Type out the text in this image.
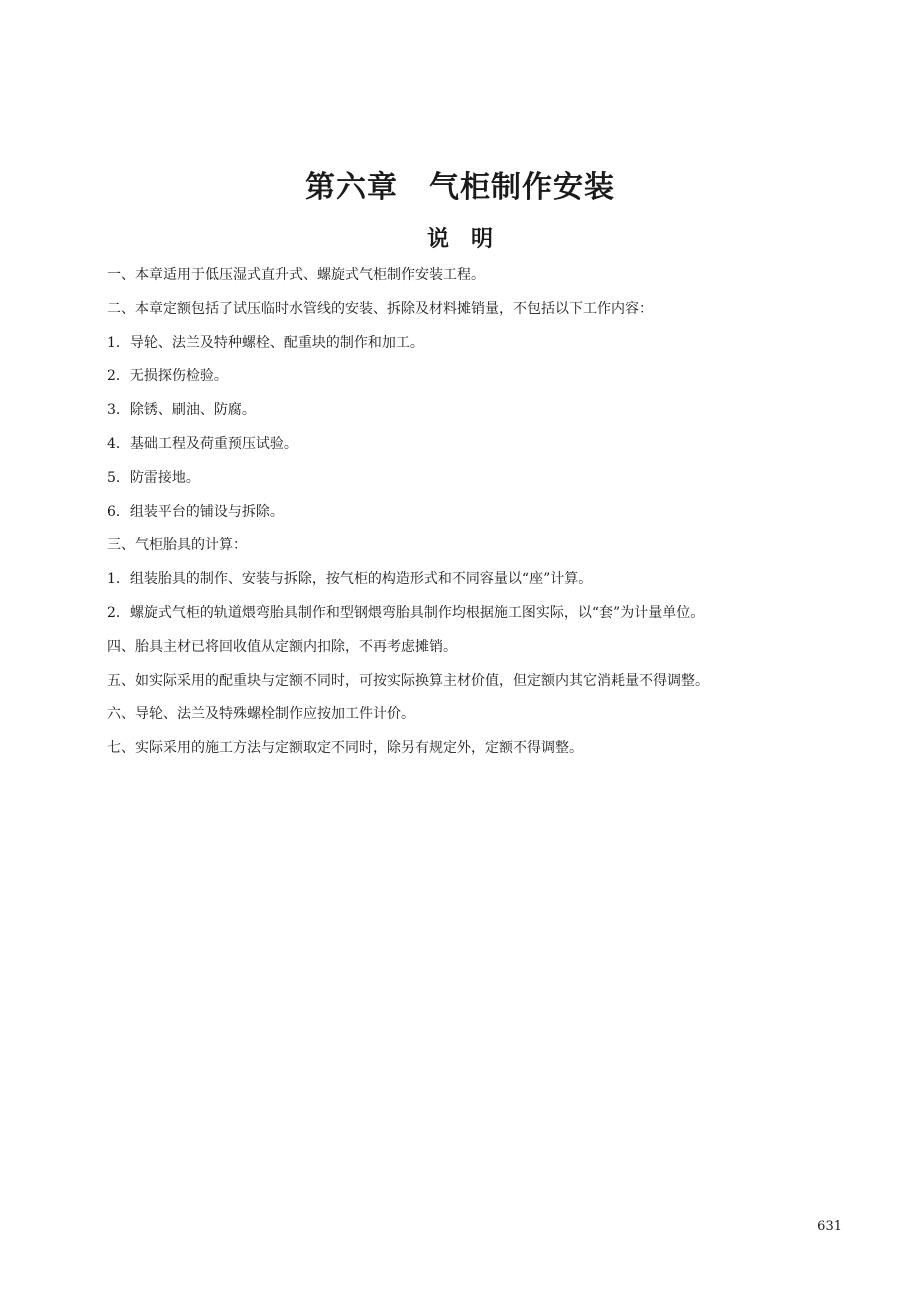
第六章　气柜制作安装
说　明
一、本章适用于低压湿式直升式、螺旋式气柜制作安装工程。
二、本章定额包括了试压临时水管线的安装、拆除及材料摊销量，不包括以下工作内容：
1．导轮、法兰及特种螺栓、配重块的制作和加工。
2．无损探伤检验。
3．除锈、刷油、防腐。
4．基础工程及荷重预压试验。
5．防雷接地。
6．组装平台的铺设与拆除。
三、气柜胎具的计算：
1．组装胎具的制作、安装与拆除，按气柜的构造形式和不同容量以“座”计算。
2．螺旋式气柜的轨道煨弯胎具制作和型钢煨弯胎具制作均根据施工图实际，以“套”为计量单位。
四、胎具主材已将回收值从定额内扣除，不再考虑摊销。
五、如实际采用的配重块与定额不同时，可按实际换算主材价值，但定额内其它消耗量不得调整。
六、导轮、法兰及特殊螺栓制作应按加工件计价。
七、实际采用的施工方法与定额取定不同时，除另有规定外，定额不得调整。
631
